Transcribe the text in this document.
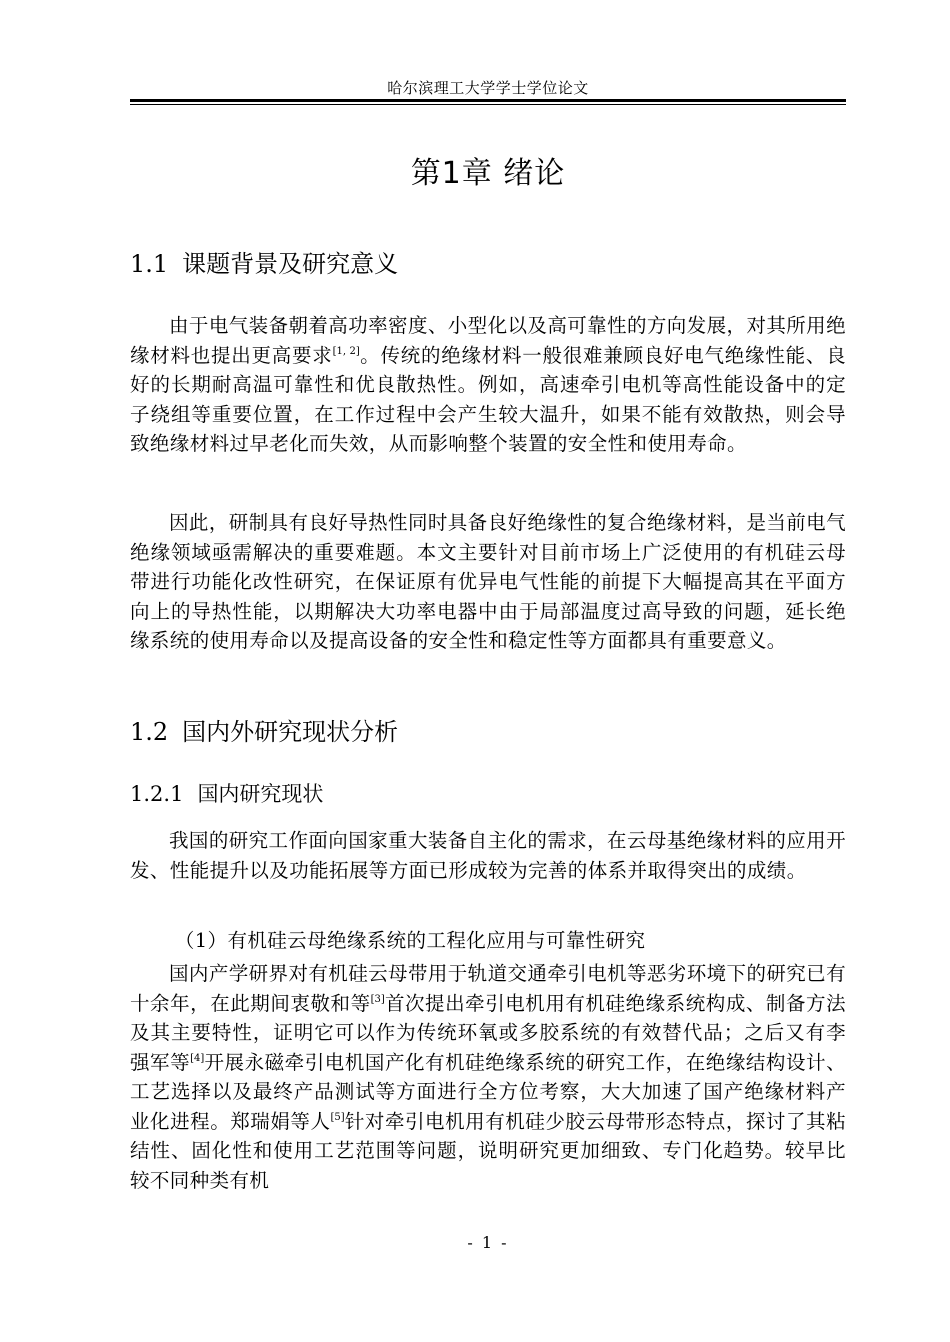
哈尔滨理工大学学士学位论文
第1章 绪论
1.1 课题背景及研究意义
由于电气装备朝着高功率密度、小型化以及高可靠性的方向发展，对其所用绝缘材料也提出更高要求[1, 2]。传统的绝缘材料一般很难兼顾良好电气绝缘性能、良好的长期耐高温可靠性和优良散热性。例如，高速牵引电机等高性能设备中的定子绕组等重要位置，在工作过程中会产生较大温升，如果不能有效散热，则会导致绝缘材料过早老化而失效，从而影响整个装置的安全性和使用寿命。
因此，研制具有良好导热性同时具备良好绝缘性的复合绝缘材料，是当前电气绝缘领域亟需解决的重要难题。本文主要针对目前市场上广泛使用的有机硅云母带进行功能化改性研究，在保证原有优异电气性能的前提下大幅提高其在平面方向上的导热性能，以期解决大功率电器中由于局部温度过高导致的问题，延长绝缘系统的使用寿命以及提高设备的安全性和稳定性等方面都具有重要意义。
1.2 国内外研究现状分析
1.2.1 国内研究现状
我国的研究工作面向国家重大装备自主化的需求，在云母基绝缘材料的应用开发、性能提升以及功能拓展等方面已形成较为完善的体系并取得突出的成绩。
（1）有机硅云母绝缘系统的工程化应用与可靠性研究
国内产学研界对有机硅云母带用于轨道交通牵引电机等恶劣环境下的研究已有十余年，在此期间衷敬和等[3]首次提出牵引电机用有机硅绝缘系统构成、制备方法及其主要特性，证明它可以作为传统环氧或多胶系统的有效替代品；之后又有李强军等[4]开展永磁牵引电机国产化有机硅绝缘系统的研究工作，在绝缘结构设计、工艺选择以及最终产品测试等方面进行全方位考察，大大加速了国产绝缘材料产业化进程。郑瑞娟等人[5]针对牵引电机用有机硅少胶云母带形态特点，探讨了其粘结性、固化性和使用工艺范围等问题，说明研究更加细致、专门化趋势。较早比较不同种类有机
- 1 -
